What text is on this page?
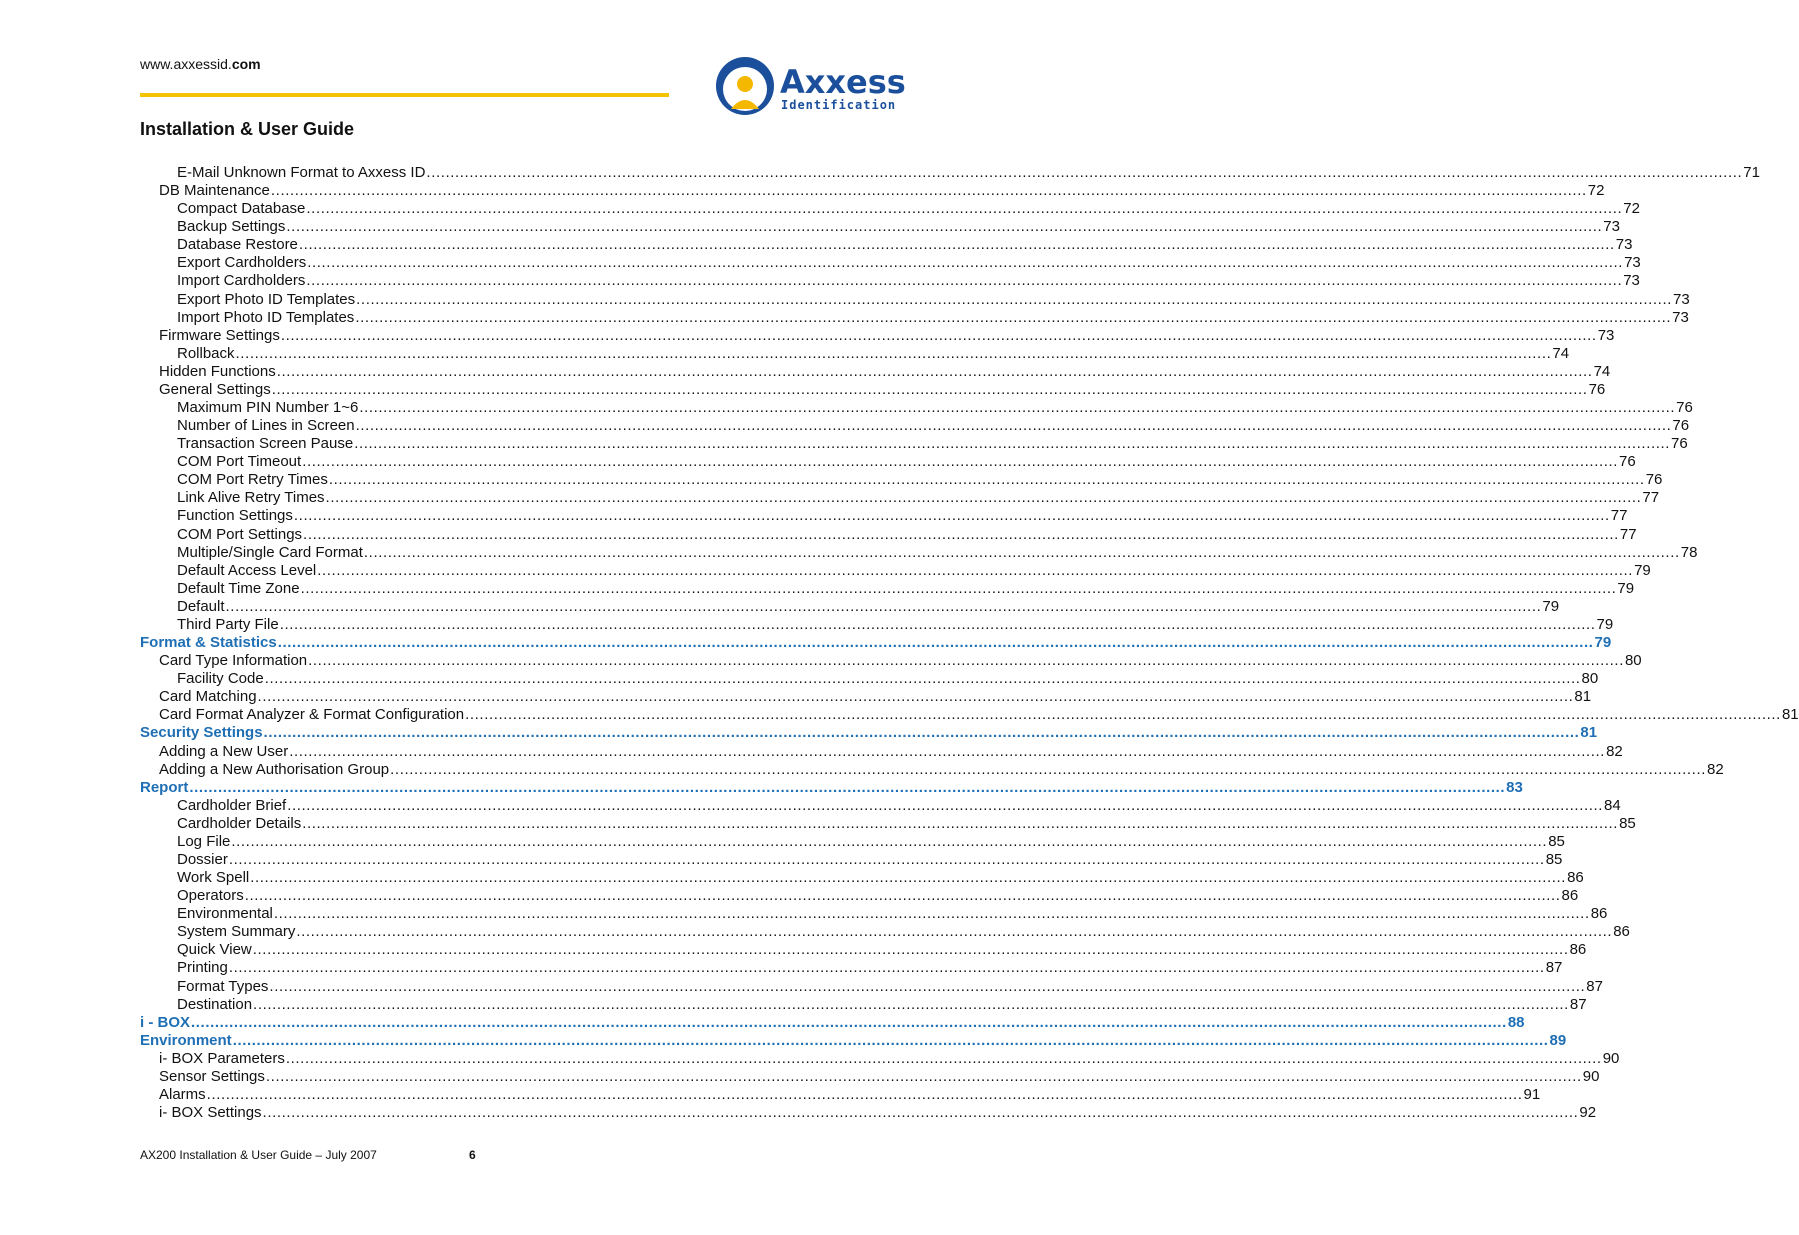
www.axxessid.com	Axxess
Identification
Installation & User Guide
E-Mail Unknown Format to Axxess ID .....	71
DB Maintenance .....	72
Compact Database .....	72
Backup Settings .....	73
Database Restore .....	73
Export Cardholders .....	73
Import Cardholders .....	73
Export Photo ID Templates .....	73
Import Photo ID Templates .....	73
Firmware Settings .....	73
Rollback .....	74
Hidden Functions .....	74
General Settings .....	76
Maximum PIN Number 1~6 .....	76
Number of Lines in Screen .....	76
Transaction Screen Pause .....	76
COM Port Timeout .....	76
COM Port Retry Times .....	76
Link Alive Retry Times .....	77
Function Settings .....	77
COM Port Settings .....	77
Multiple/Single Card Format .....	78
Default Access Level .....	79
Default Time Zone .....	79
Default .....	79
Third Party File .....	79
Format & Statistics .....	79
Card Type Information .....	80
Facility Code .....	80
Card Matching .....	81
Card Format Analyzer & Format Configuration .....	81
Security Settings .....	81
Adding a New User .....	82
Adding a New Authorisation Group .....	82
Report .....	83
Cardholder Brief .....	84
Cardholder Details .....	85
Log File .....	85
Dossier .....	85
Work Spell .....	86
Operators .....	86
Environmental .....	86
System Summary .....	86
Quick View .....	86
Printing .....	87
Format Types .....	87
Destination .....	87
i - BOX .....	88
Environment .....	89
i- BOX Parameters .....	90
Sensor Settings .....	90
Alarms .....	91
i- BOX Settings .....	92
AX200 Installation & User Guide – July 2007	6
